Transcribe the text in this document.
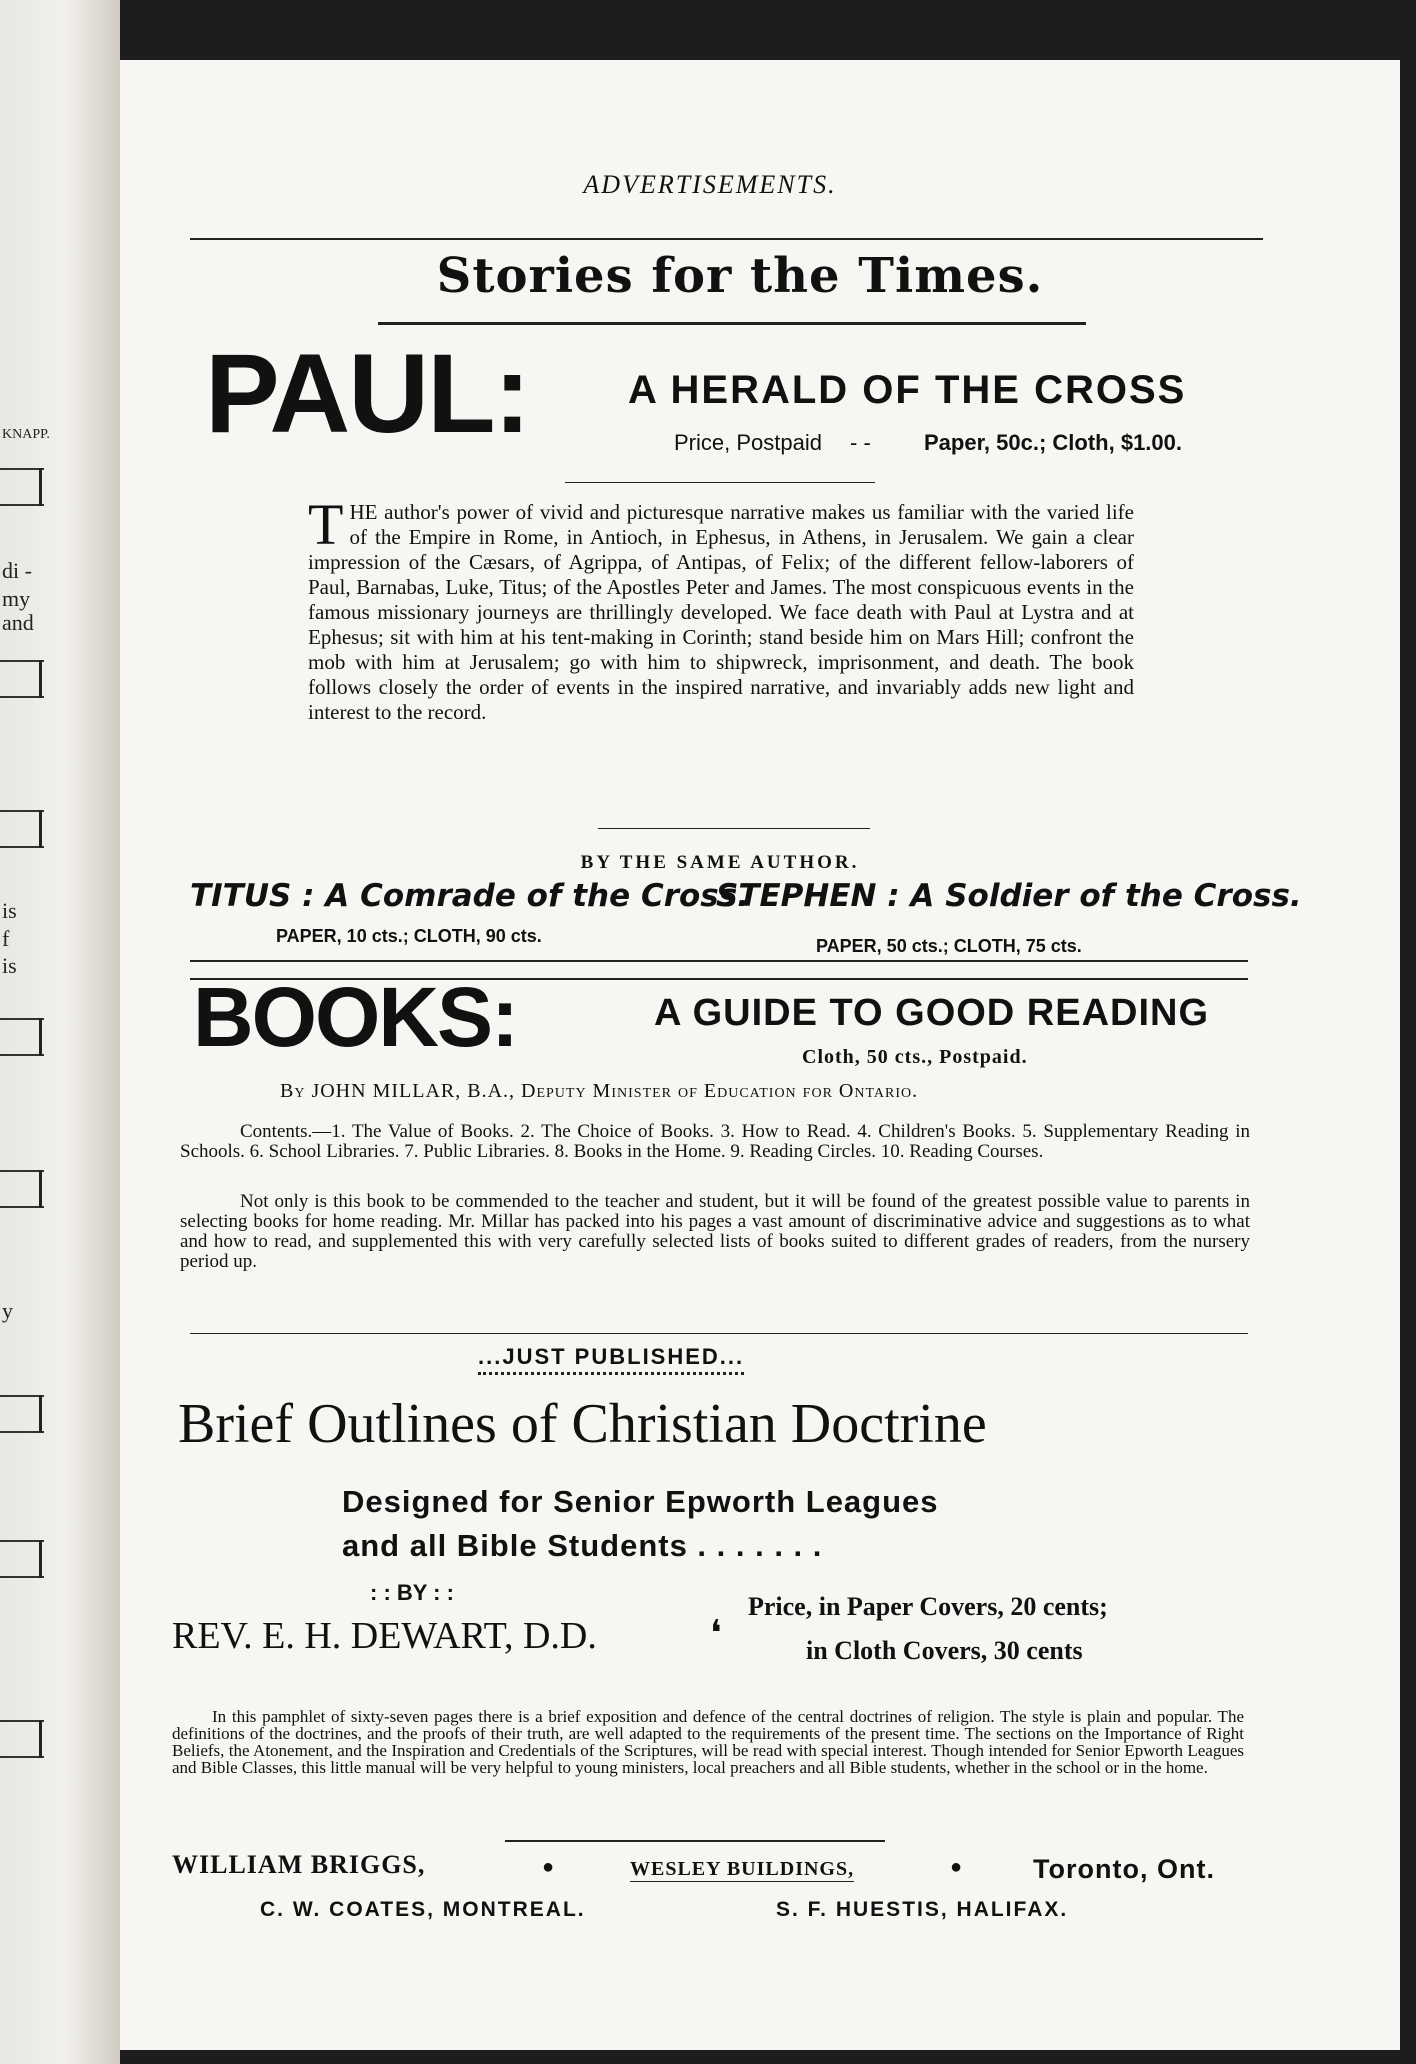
KNAPP.
di -
my
and
is
f
is
y
ADVERTISEMENTS.
Stories for the Times.
PAUL: A HERALD OF THE CROSS
Price, Postpaid - - Paper, 50c.; Cloth, $1.00.
T HE author's power of vivid and picturesque narrative makes us familiar with the varied life of the Empire in Rome, in Antioch, in Ephesus, in Athens, in Jerusalem. We gain a clear impression of the Cæsars, of Agrippa, of Antipas, of Felix; of the different fellow-laborers of Paul, Barnabas, Luke, Titus; of the Apostles Peter and James. The most conspicuous events in the famous missionary journeys are thrillingly developed. We face death with Paul at Lystra and at Ephesus; sit with him at his tent-making in Corinth; stand beside him on Mars Hill; confront the mob with him at Jerusalem; go with him to shipwreck, imprisonment, and death. The book follows closely the order of events in the inspired narrative, and invariably adds new light and interest to the record.
BY THE SAME AUTHOR.
TITUS : A Comrade of the Cross.
PAPER, 10 cts.; CLOTH, 90 cts.
STEPHEN : A Soldier of the Cross.
PAPER, 50 cts.; CLOTH, 75 cts.
BOOKS:	A GUIDE TO GOOD READING
Cloth, 50 cts., Postpaid.
By JOHN MILLAR, B.A., Deputy Minister of Education for Ontario.
Contents.—1. The Value of Books. 2. The Choice of Books. 3. How to Read. 4. Children's Books. 5. Supplementary Reading in Schools. 6. School Libraries. 7. Public Libraries. 8. Books in the Home. 9. Reading Circles. 10. Reading Courses.
Not only is this book to be commended to the teacher and student, but it will be found of the greatest possible value to parents in selecting books for home reading. Mr. Millar has packed into his pages a vast amount of discriminative advice and suggestions as to what and how to read, and supplemented this with very carefully selected lists of books suited to different grades of readers, from the nursery period up.
...JUST PUBLISHED...
Brief Outlines of Christian Doctrine
Designed for Senior Epworth Leagues
and all Bible Students . . . . . . .
: : BY : :
REV. E. H. DEWART, D.D.	❛
Price, in Paper Covers, 20 cents;
in Cloth Covers, 30 cents
In this pamphlet of sixty-seven pages there is a brief exposition and defence of the central doctrines of religion. The style is plain and popular. The definitions of the doctrines, and the proofs of their truth, are well adapted to the requirements of the present time. The sections on the Importance of Right Beliefs, the Atonement, and the Inspiration and Credentials of the Scriptures, will be read with special interest. Though intended for Senior Epworth Leagues and Bible Classes, this little manual will be very helpful to young ministers, local preachers and all Bible students, whether in the school or in the home.
WILLIAM BRIGGS,	●	WESLEY BUILDINGS,	●	Toronto, Ont.
C. W. COATES, MONTREAL.	S. F. HUESTIS, HALIFAX.
